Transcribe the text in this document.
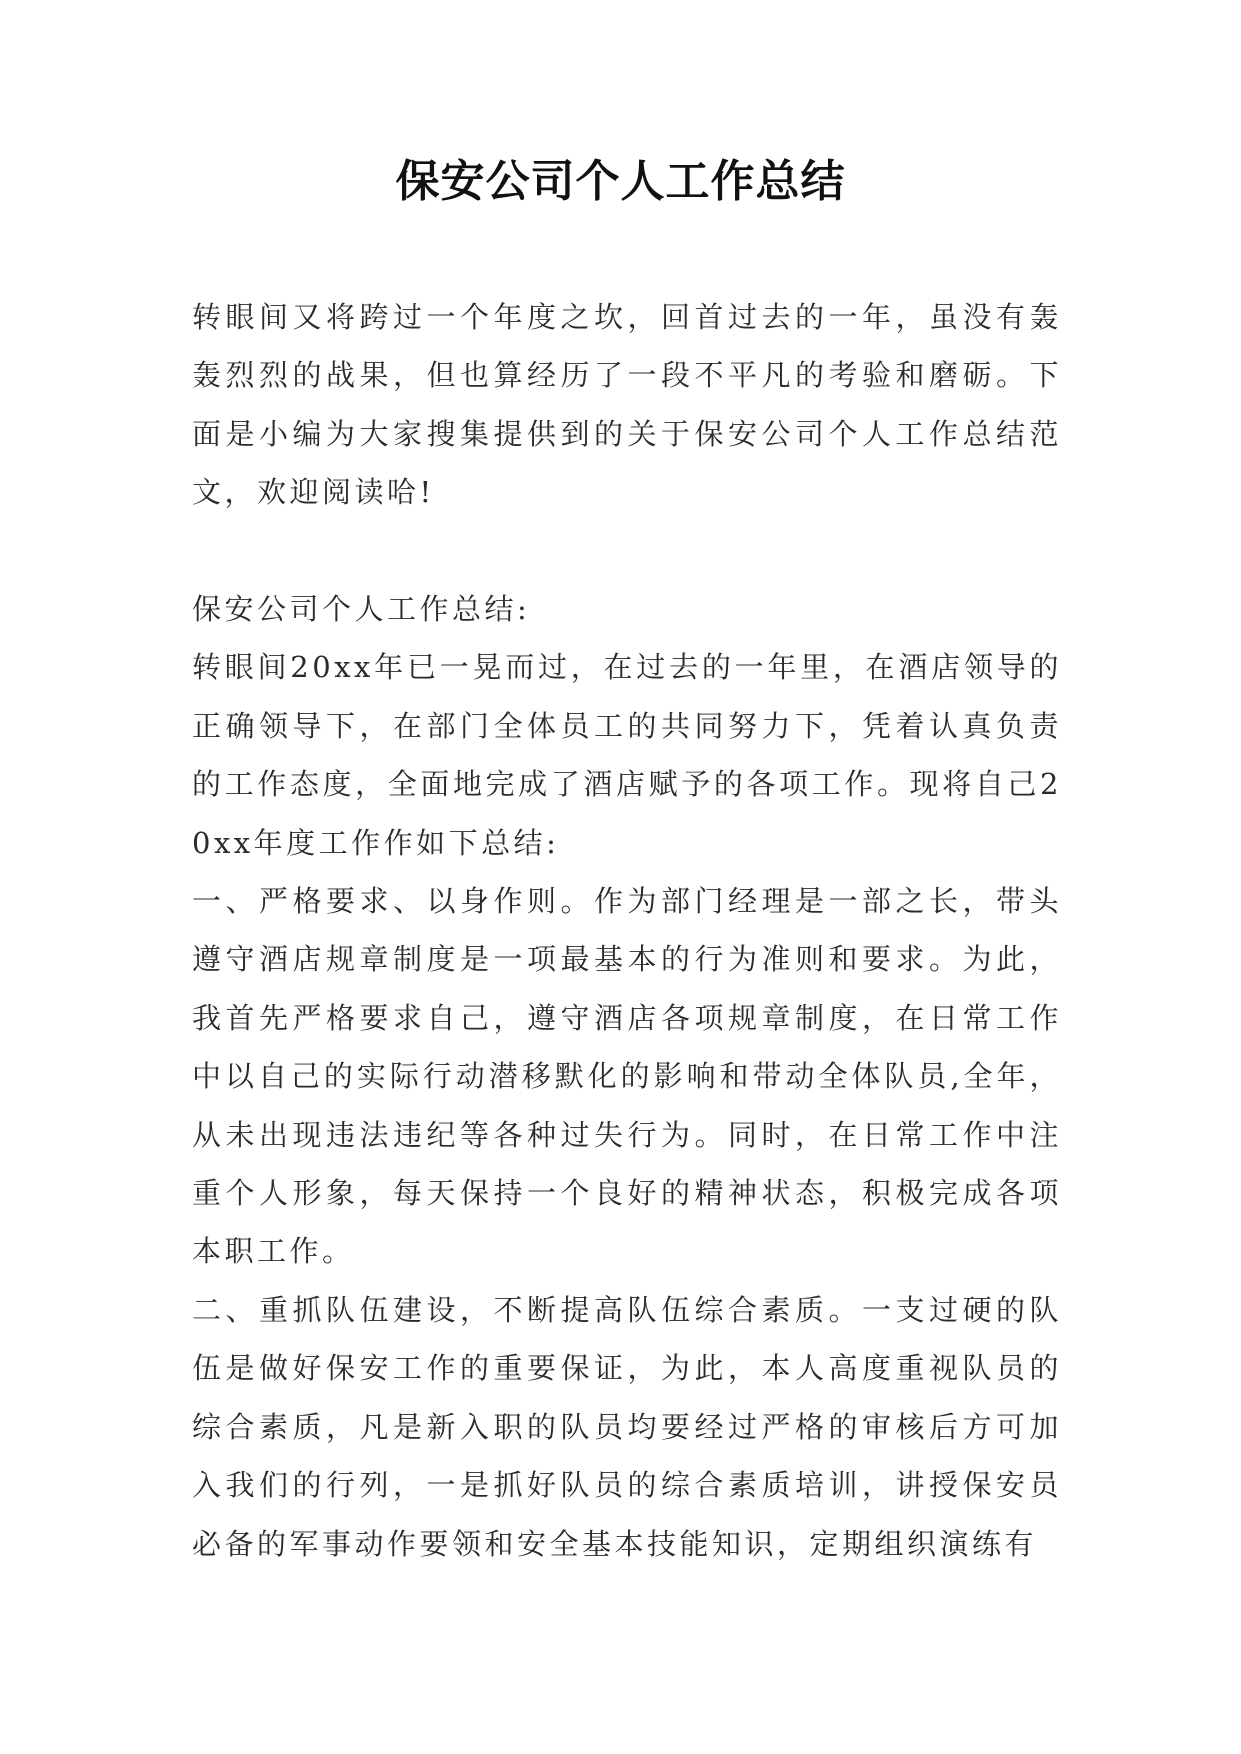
保安公司个人工作总结

转眼间又将跨过一个年度之坎，回首过去的一年，虽没有轰轰烈烈的战果，但也算经历了一段不平凡的考验和磨砺。下面是小编为大家搜集提供到的关于保安公司个人工作总结范文，欢迎阅读哈!

保安公司个人工作总结:

转眼间20xx年已一晃而过，在过去的一年里，在酒店领导的正确领导下，在部门全体员工的共同努力下，凭着认真负责的工作态度，全面地完成了酒店赋予的各项工作。现将自己20xx年度工作作如下总结:

一、严格要求、以身作则。作为部门经理是一部之长，带头遵守酒店规章制度是一项最基本的行为准则和要求。为此，我首先严格要求自己，遵守酒店各项规章制度，在日常工作中以自己的实际行动潜移默化的影响和带动全体队员,全年，从未出现违法违纪等各种过失行为。同时，在日常工作中注重个人形象，每天保持一个良好的精神状态，积极完成各项本职工作。

二、重抓队伍建设，不断提高队伍综合素质。一支过硬的队伍是做好保安工作的重要保证，为此，本人高度重视队员的综合素质，凡是新入职的队员均要经过严格的审核后方可加入我们的行列，一是抓好队员的综合素质培训，讲授保安员必备的军事动作要领和安全基本技能知识，定期组织演练有
